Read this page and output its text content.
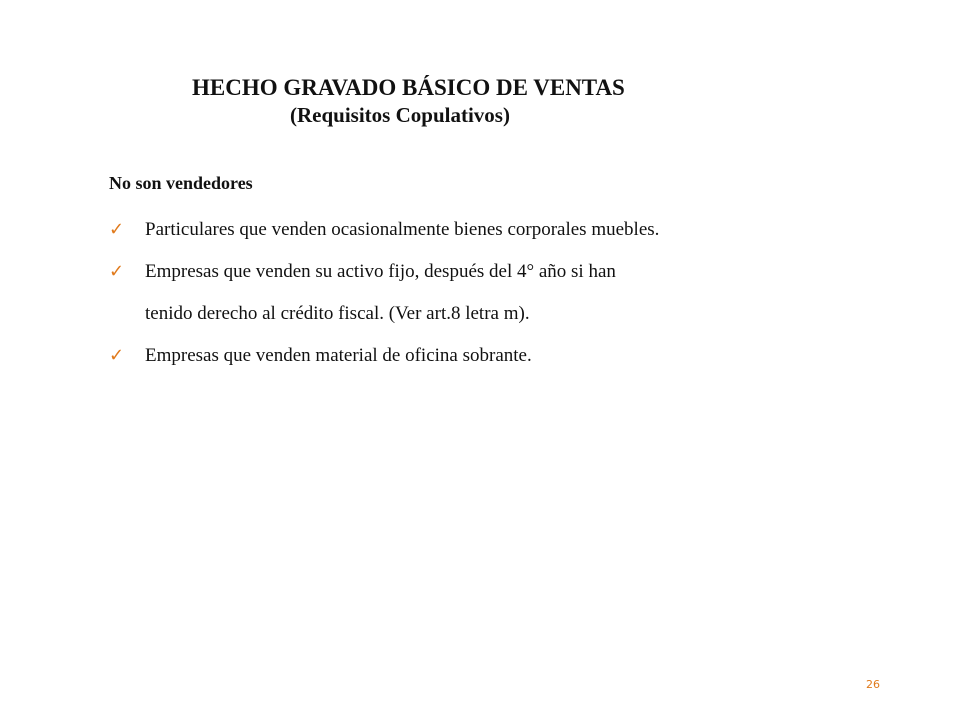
HECHO GRAVADO BÁSICO DE VENTAS
(Requisitos Copulativos)
No son vendedores
✓	Particulares que venden ocasionalmente bienes corporales muebles.
✓	Empresas que venden su activo fijo, después del 4° año si han
tenido derecho al crédito fiscal. (Ver art.8 letra m).
✓	Empresas que venden material de oficina sobrante.
26
